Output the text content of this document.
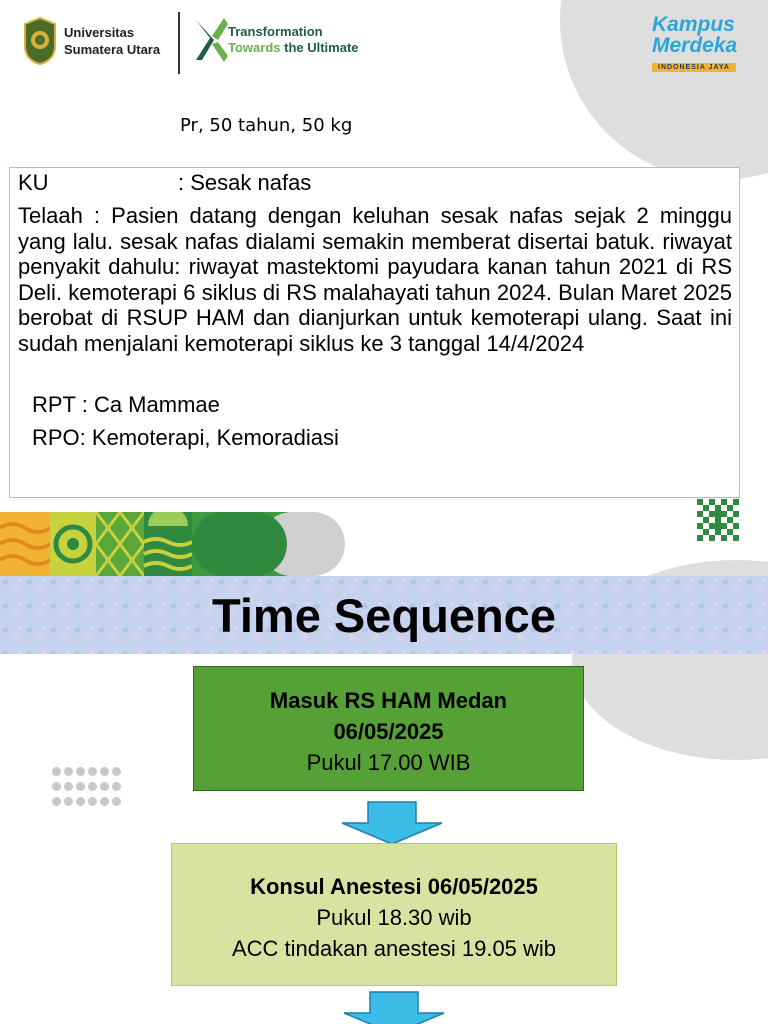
Universitas
Sumatera Utara
Transformation
Towards the Ultimate
Kampus
Merdeka
INDONESIA JAYA
Pr, 50 tahun, 50 kg
KU	: Sesak nafas
Telaah : Pasien datang dengan keluhan sesak nafas sejak 2 minggu yang lalu. sesak nafas dialami semakin memberat disertai batuk. riwayat penyakit dahulu: riwayat mastektomi payudara kanan tahun 2021 di RS Deli. kemoterapi 6 siklus di RS malahayati tahun 2024. Bulan Maret 2025 berobat di RSUP HAM dan dianjurkan untuk kemoterapi ulang. Saat ini sudah menjalani kemoterapi siklus ke 3 tanggal 14/4/2024
RPT : Ca Mammae
RPO: Kemoterapi, Kemoradiasi
Time Sequence
Masuk RS HAM Medan
06/05/2025
Pukul 17.00 WIB
Konsul Anestesi 06/05/2025
Pukul 18.30 wib
ACC tindakan anestesi 19.05 wib
